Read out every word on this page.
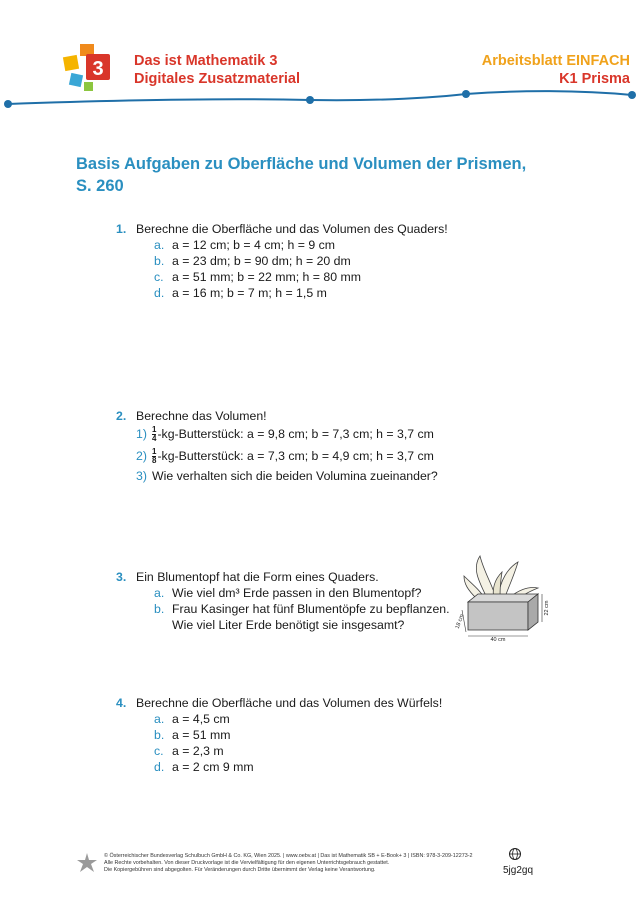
3 Das ist Mathematik 3
Digitales Zusatzmaterial
Arbeitsblatt EINFACH
K1 Prisma
Basis Aufgaben zu Oberfläche und Volumen der Prismen,
S. 260
1. Berechne die Oberfläche und das Volumen des Quaders!
a. a = 12 cm; b = 4 cm; h = 9 cm
b. a = 23 dm; b = 90 dm; h = 20 dm
c. a = 51 mm; b = 22 mm; h = 80 mm
d. a = 16 m; b = 7 m; h = 1,5 m
2. Berechne das Volumen!
$1) \frac{1}{4}$ -kg-Butterstück: a = 9,8 cm; b = 7,3 cm; h = 3,7 cm
$2) \frac{1}{8}$ -kg-Butterstück: a = 7,3 cm; b = 4,9 cm; h = 3,7 cm
3) Wie verhalten sich die beiden Volumina zueinander?
3. Ein Blumentopf hat die Form eines Quaders.
a. Wie viel dm³ Erde passen in den Blumentopf?
b. Frau Kasinger hat fünf Blumentöpfe zu bepflanzen.
Wie viel Liter Erde benötigt sie insgesamt?
40 cm
22 cm
18 cm
4. Berechne die Oberfläche und das Volumen des Würfels!
a. a = 4,5 cm
b. a = 51 mm
c. a = 2,3 m
d. a = 2 cm 9 mm
© Österreichischer Bundesverlag Schulbuch GmbH & Co. KG, Wien 2025. | www.oebv.at | Das ist Mathematik SB + E-Book+ 3 | ISBN: 978-3-209-12273-2
Alle Rechte vorbehalten. Von dieser Druckvorlage ist die Vervielfältigung für den eigenen Unterrichtsgebrauch gestattet.
Die Kopiergebühren sind abgegolten. Für Veränderungen durch Dritte übernimmt der Verlag keine Verantwortung.	5jg2gq
